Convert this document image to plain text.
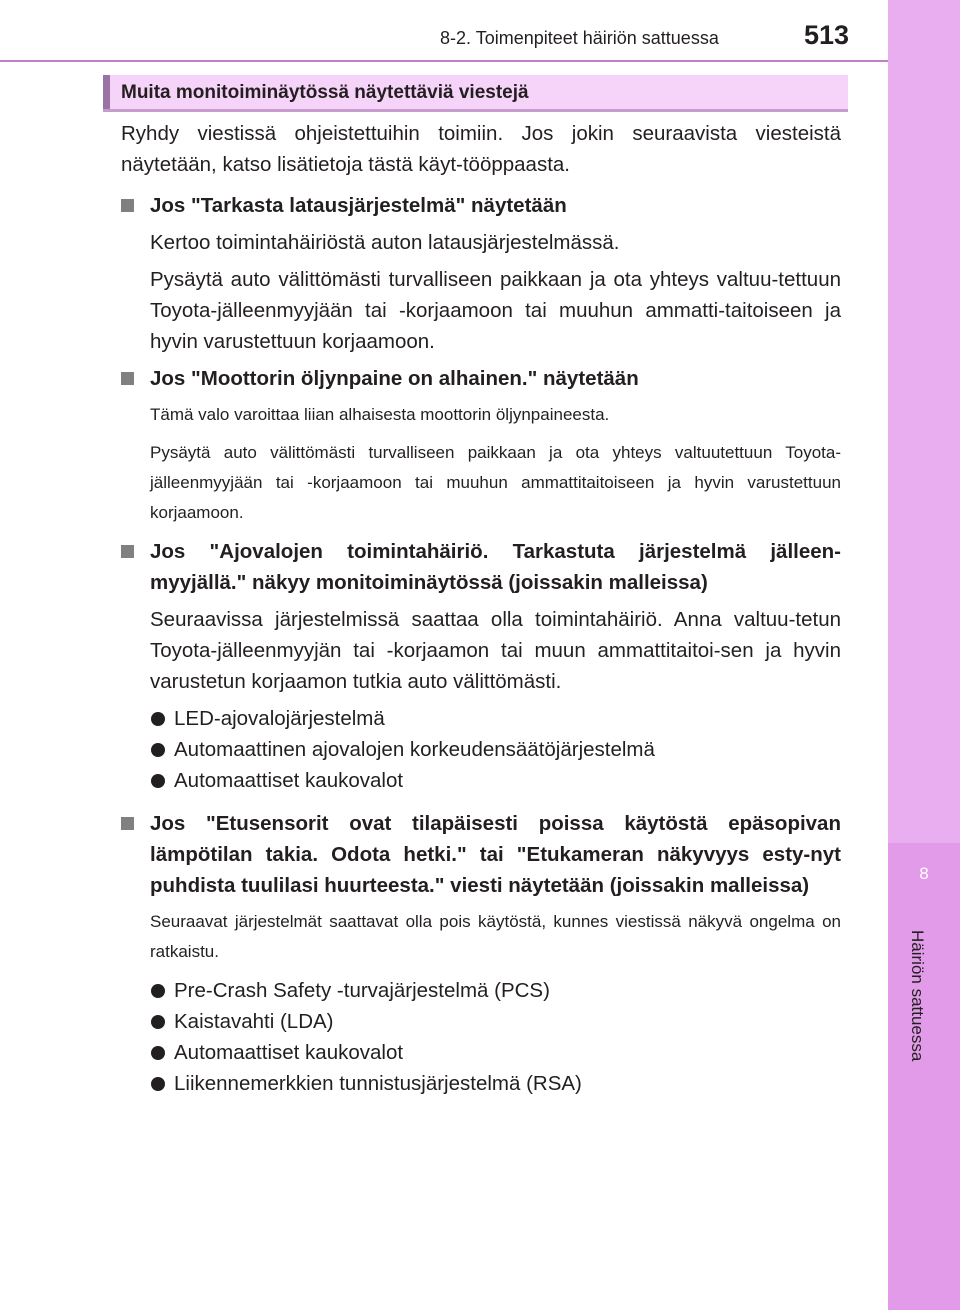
8
Häiriön sattuessa
8-2. Toimenpiteet häiriön sattuessa	513
Muita monitoiminäytössä näytettäviä viestejä

Ryhdy viestissä ohjeistettuihin toimiin. Jos jokin seuraavista viesteistä näytetään, katso lisätietoja tästä käyt-tööppaasta.

Jos "Tarkasta latausjärjestelmä" näytetään

Kertoo toimintahäiriöstä auton latausjärjestelmässä.

Pysäytä auto välittömästi turvalliseen paikkaan ja ota yhteys valtuu-tettuun Toyota-jälleenmyyjään tai -korjaamoon tai muuhun ammatti-taitoiseen ja hyvin varustettuun korjaamoon.

Jos "Moottorin öljynpaine on alhainen." näytetään

Tämä valo varoittaa liian alhaisesta moottorin öljynpaineesta.

Pysäytä auto välittömästi turvalliseen paikkaan ja ota yhteys valtuutettuun Toyota-jälleenmyyjään tai -korjaamoon tai muuhun ammattitaitoiseen ja hyvin varustettuun korjaamoon.

Jos "Ajovalojen toimintahäiriö. Tarkastuta järjestelmä jälleen-myyjällä." näkyy monitoiminäytössä (joissakin malleissa)

Seuraavissa järjestelmissä saattaa olla toimintahäiriö. Anna valtuu-tetun Toyota-jälleenmyyjän tai -korjaamon tai muun ammattitaitoi-sen ja hyvin varustetun korjaamon tutkia auto välittömästi.

LED-ajovalojärjestelmä

Automaattinen ajovalojen korkeudensäätöjärjestelmä

Automaattiset kaukovalot

Jos "Etusensorit ovat tilapäisesti poissa käytöstä epäsopivan lämpötilan takia. Odota hetki." tai "Etukameran näkyvyys esty-nyt puhdista tuulilasi huurteesta." viesti näytetään (joissakin malleissa)

Seuraavat järjestelmät saattavat olla pois käytöstä, kunnes viestissä näkyvä ongelma on ratkaistu.

Pre-Crash Safety -turvajärjestelmä (PCS)

Kaistavahti (LDA)

Automaattiset kaukovalot

Liikennemerkkien tunnistusjärjestelmä (RSA)
